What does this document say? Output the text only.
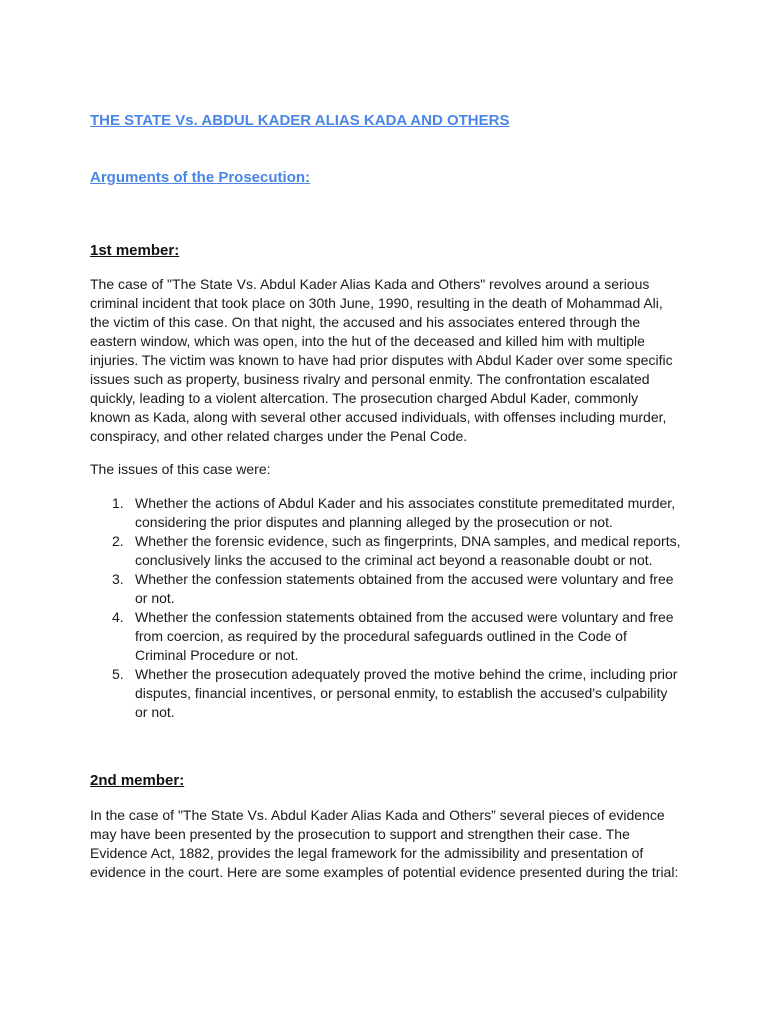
THE STATE Vs. ABDUL KADER ALIAS KADA AND OTHERS
Arguments of the Prosecution:
1st member:

The case of "The State Vs. Abdul Kader Alias Kada and Others" revolves around a serious criminal incident that took place on 30th June, 1990, resulting in the death of Mohammad Ali, the victim of this case. On that night, the accused and his associates entered through the eastern window, which was open, into the hut of the deceased and killed him with multiple injuries. The victim was known to have had prior disputes with Abdul Kader over some specific issues such as property, business rivalry and personal enmity. The confrontation escalated quickly, leading to a violent altercation. The prosecution charged Abdul Kader, commonly known as Kada, along with several other accused individuals, with offenses including murder, conspiracy, and other related charges under the Penal Code.

The issues of this case were:

1. Whether the actions of Abdul Kader and his associates constitute premeditated murder, considering the prior disputes and planning alleged by the prosecution or not.
2. Whether the forensic evidence, such as fingerprints, DNA samples, and medical reports, conclusively links the accused to the criminal act beyond a reasonable doubt or not.
3. Whether the confession statements obtained from the accused were voluntary and free or not.
4. Whether the confession statements obtained from the accused were voluntary and free from coercion, as required by the procedural safeguards outlined in the Code of Criminal Procedure or not.
5. Whether the prosecution adequately proved the motive behind the crime, including prior disputes, financial incentives, or personal enmity, to establish the accused's culpability or not.
2nd member:

In the case of "The State Vs. Abdul Kader Alias Kada and Others” several pieces of evidence may have been presented by the prosecution to support and strengthen their case. The Evidence Act, 1882, provides the legal framework for the admissibility and presentation of evidence in the court. Here are some examples of potential evidence presented during the trial:
